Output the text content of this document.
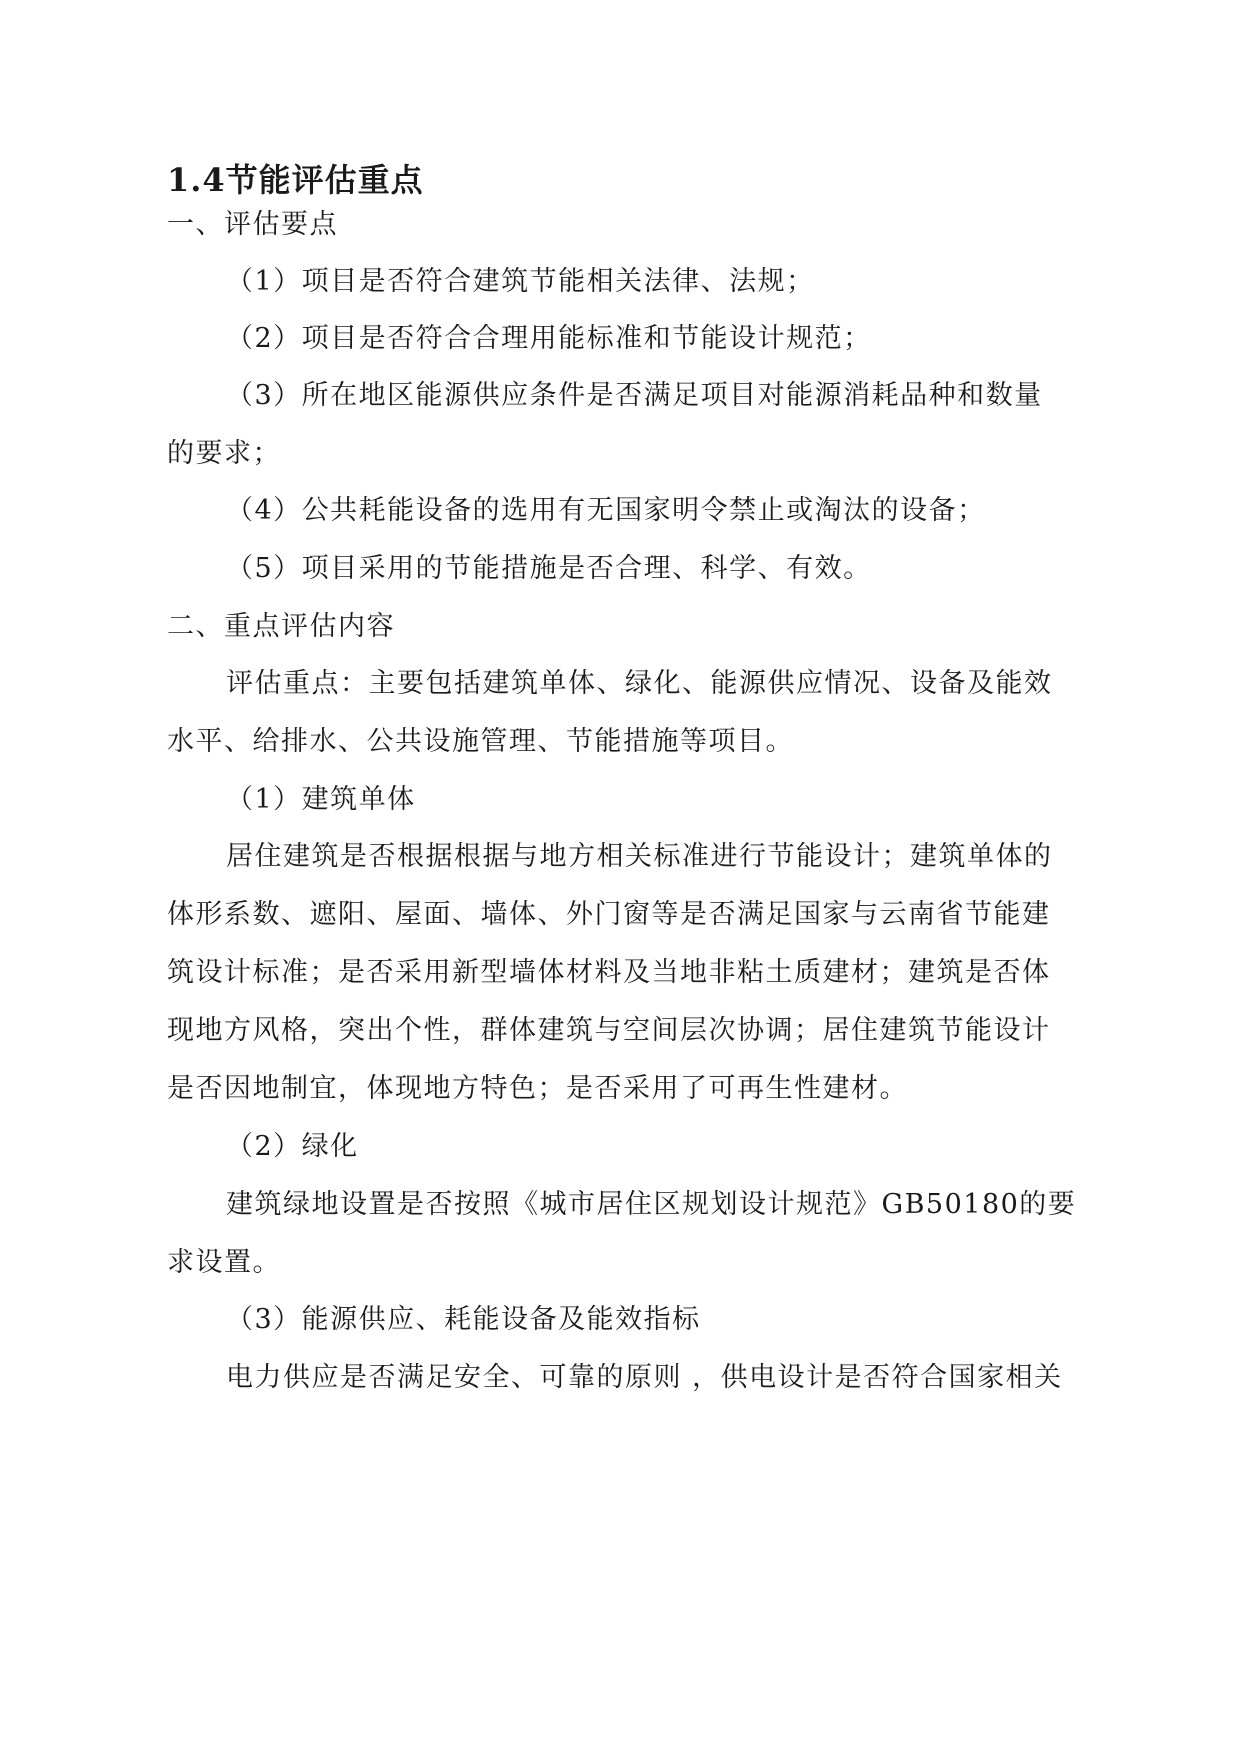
1.4节能评估重点
一、评估要点
（1）项目是否符合建筑节能相关法律、法规；
（2）项目是否符合合理用能标准和节能设计规范；
（3）所在地区能源供应条件是否满足项目对能源消耗品种和数量
的要求；
（4）公共耗能设备的选用有无国家明令禁止或淘汰的设备；
（5）项目采用的节能措施是否合理、科学、有效。
二、重点评估内容
评估重点：主要包括建筑单体、绿化、能源供应情况、设备及能效
水平、给排水、公共设施管理、节能措施等项目。
（1）建筑单体
居住建筑是否根据根据与地方相关标准进行节能设计；建筑单体的
体形系数、遮阳、屋面、墙体、外门窗等是否满足国家与云南省节能建
筑设计标准；是否采用新型墙体材料及当地非粘土质建材；建筑是否体
现地方风格，突出个性，群体建筑与空间层次协调；居住建筑节能设计
是否因地制宜，体现地方特色；是否采用了可再生性建材。
（2）绿化
建筑绿地设置是否按照《城市居住区规划设计规范》GB50180的要
求设置。
（3）能源供应、耗能设备及能效指标
电力供应是否满足安全、可靠的原则 ，供电设计是否符合国家相关
